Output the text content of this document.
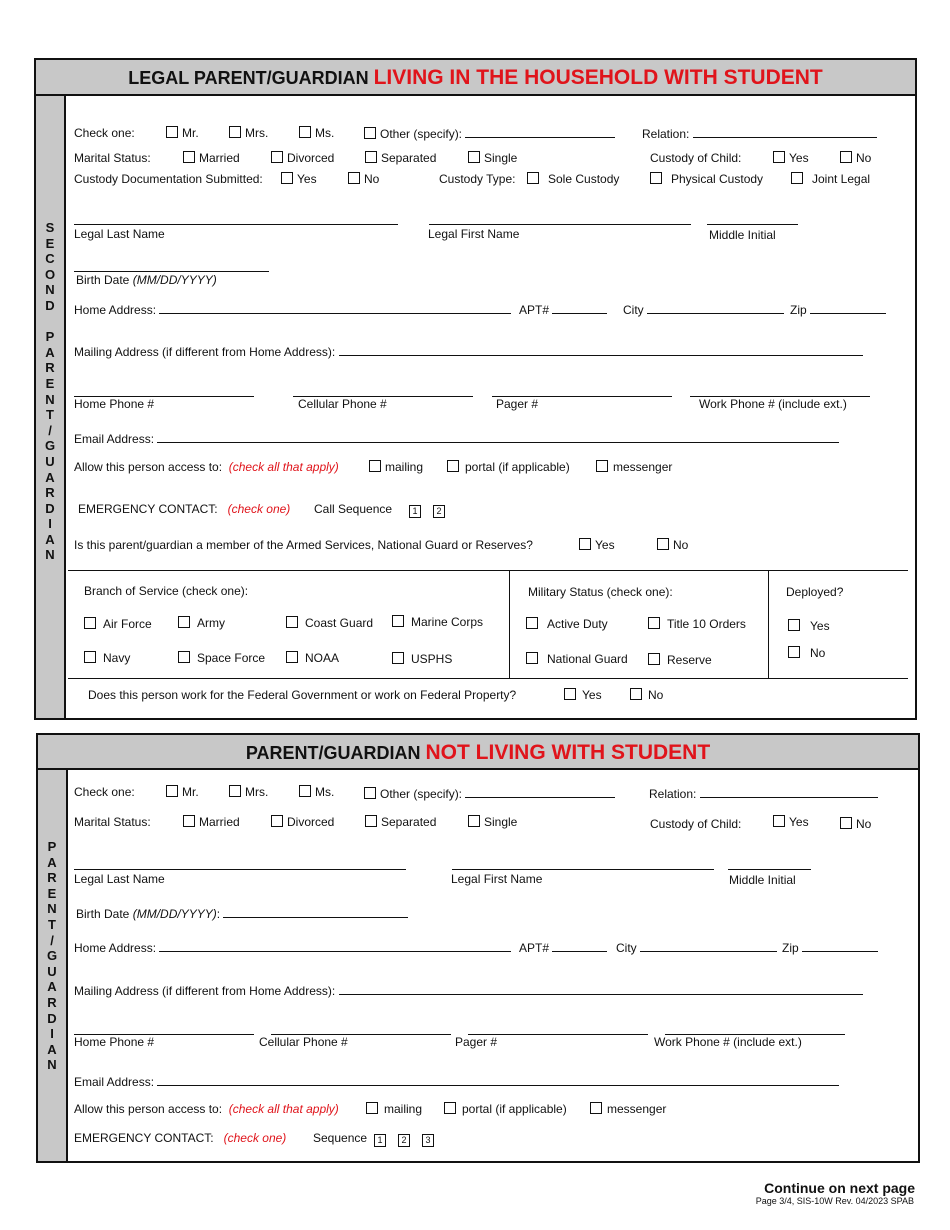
LEGAL PARENT/GUARDIAN LIVING IN THE HOUSEHOLD WITH STUDENT
S
E
C
O
N
D

P
A
R
E
N
T
/
G
U
A
R
D
I
A
N
Check one:	Mr.	Mrs.	Ms.	Other (specify):	Relation:
Marital Status:	Married	Divorced	Separated	Single	Custody of Child:	Yes	No
Custody Documentation Submitted:	Yes	No	Custody Type:	Sole Custody	Physical Custody	Joint Legal
Legal Last Name	Legal First Name	Middle Initial
Birth Date (MM/DD/YYYY)
Home Address:	APT#	City	Zip
Mailing Address (if different from Home Address):
Home Phone #	Cellular Phone #	Pager #	Work Phone # (include ext.)
Email Address:
Allow this person access to: (check all that apply)	mailing	portal (if applicable)	messenger
EMERGENCY CONTACT: (check one) Call Sequence	1 2
Is this parent/guardian a member of the Armed Services, National Guard or Reserves?	Yes	No
Branch of Service (check one):
Air Force	Army	Coast Guard	Marine Corps
Navy	Space Force	NOAA	USPHS
Military Status (check one):
Active Duty	Title 10 Orders
National Guard	Reserve
Deployed?
Yes
No
Does this person work for the Federal Government or work on Federal Property?	Yes	No
PARENT/GUARDIAN NOT LIVING WITH STUDENT
P
A
R
E
N
T
/
G
U
A
R
D
I
A
N
Check one:	Mr.	Mrs.	Ms.	Other (specify):	Relation:
Marital Status:	Married	Divorced	Separated	Single	Custody of Child:	Yes	No
Legal Last Name	Legal First Name	Middle Initial
Birth Date (MM/DD/YYYY):
Home Address:	APT#	City	Zip
Mailing Address (if different from Home Address):
Home Phone #	Cellular Phone #	Pager #	Work Phone # (include ext.)
Email Address:
Allow this person access to: (check all that apply)	mailing	portal (if applicable)	messenger
EMERGENCY CONTACT: (check one) Sequence	1 2 3
Continue on next page
Page 3/4, SIS-10W Rev. 04/2023 SPAB
